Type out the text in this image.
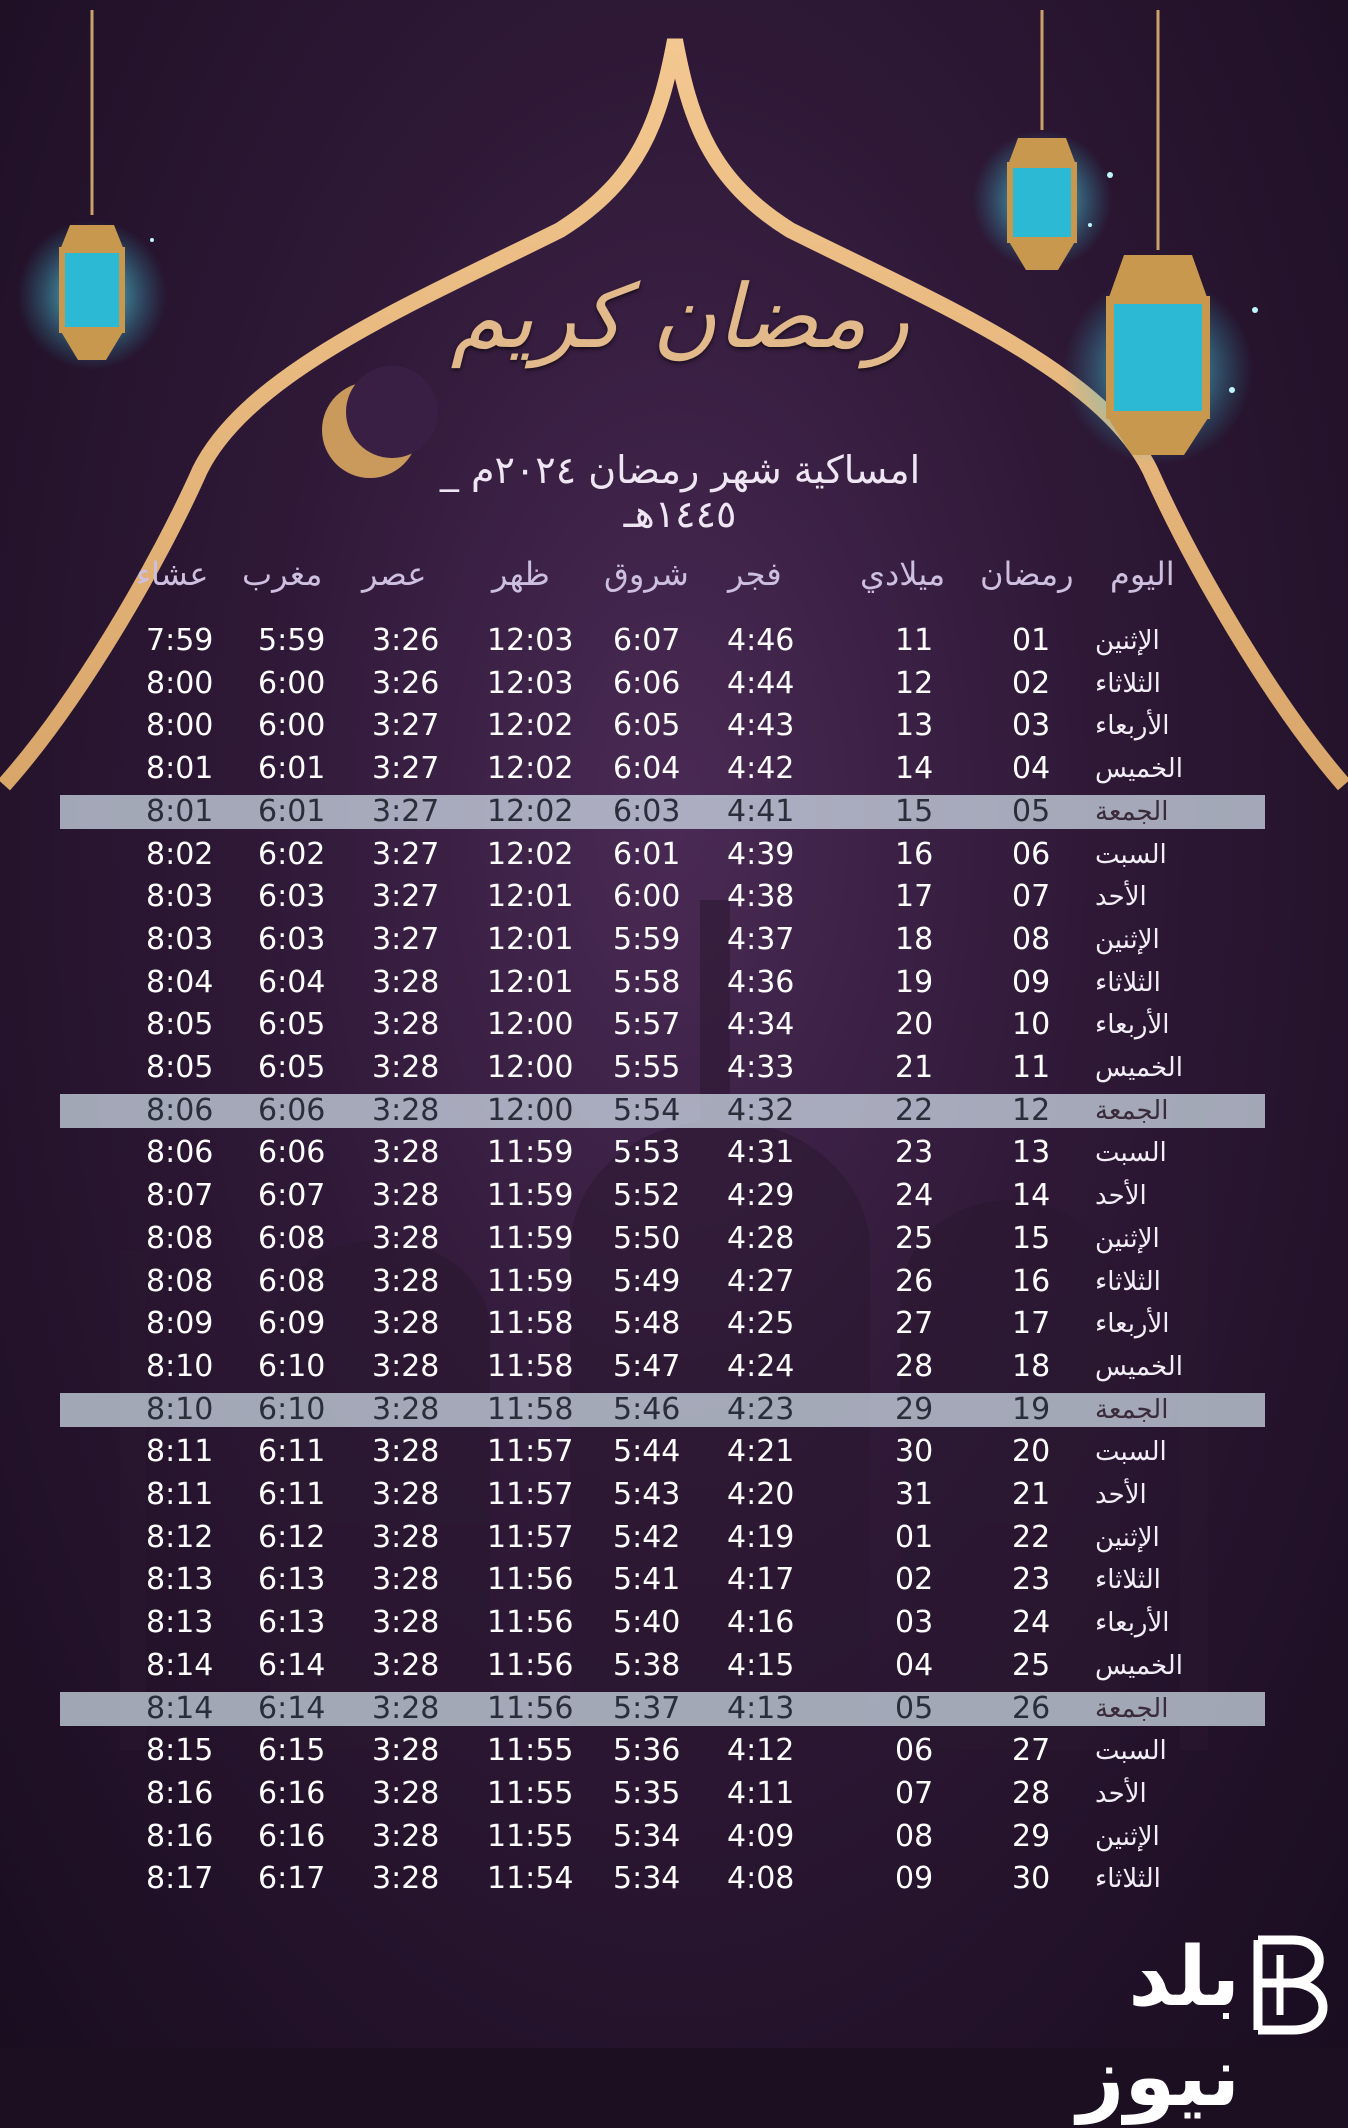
رمضان كريم
امساكية شهر رمضان ٢٠٢٤م _ ١٤٤٥هـ
اليوم
رمضان
ميلادي
فجر
شروق
ظهر
عصر
مغرب
عشاء
الإثنين
01
11
4:46
6:07
12:03
3:26
5:59
7:59
الثلاثاء
02
12
4:44
6:06
12:03
3:26
6:00
8:00
الأربعاء
03
13
4:43
6:05
12:02
3:27
6:00
8:00
الخميس
04
14
4:42
6:04
12:02
3:27
6:01
8:01
الجمعة
05
15
4:41
6:03
12:02
3:27
6:01
8:01
السبت
06
16
4:39
6:01
12:02
3:27
6:02
8:02
الأحد
07
17
4:38
6:00
12:01
3:27
6:03
8:03
الإثنين
08
18
4:37
5:59
12:01
3:27
6:03
8:03
الثلاثاء
09
19
4:36
5:58
12:01
3:28
6:04
8:04
الأربعاء
10
20
4:34
5:57
12:00
3:28
6:05
8:05
الخميس
11
21
4:33
5:55
12:00
3:28
6:05
8:05
الجمعة
12
22
4:32
5:54
12:00
3:28
6:06
8:06
السبت
13
23
4:31
5:53
11:59
3:28
6:06
8:06
الأحد
14
24
4:29
5:52
11:59
3:28
6:07
8:07
الإثنين
15
25
4:28
5:50
11:59
3:28
6:08
8:08
الثلاثاء
16
26
4:27
5:49
11:59
3:28
6:08
8:08
الأربعاء
17
27
4:25
5:48
11:58
3:28
6:09
8:09
الخميس
18
28
4:24
5:47
11:58
3:28
6:10
8:10
الجمعة
19
29
4:23
5:46
11:58
3:28
6:10
8:10
السبت
20
30
4:21
5:44
11:57
3:28
6:11
8:11
الأحد
21
31
4:20
5:43
11:57
3:28
6:11
8:11
الإثنين
22
01
4:19
5:42
11:57
3:28
6:12
8:12
الثلاثاء
23
02
4:17
5:41
11:56
3:28
6:13
8:13
الأربعاء
24
03
4:16
5:40
11:56
3:28
6:13
8:13
الخميس
25
04
4:15
5:38
11:56
3:28
6:14
8:14
الجمعة
26
05
4:13
5:37
11:56
3:28
6:14
8:14
السبت
27
06
4:12
5:36
11:55
3:28
6:15
8:15
الأحد
28
07
4:11
5:35
11:55
3:28
6:16
8:16
الإثنين
29
08
4:09
5:34
11:55
3:28
6:16
8:16
الثلاثاء
30
09
4:08
5:34
11:54
3:28
6:17
8:17
بلد نيوز
